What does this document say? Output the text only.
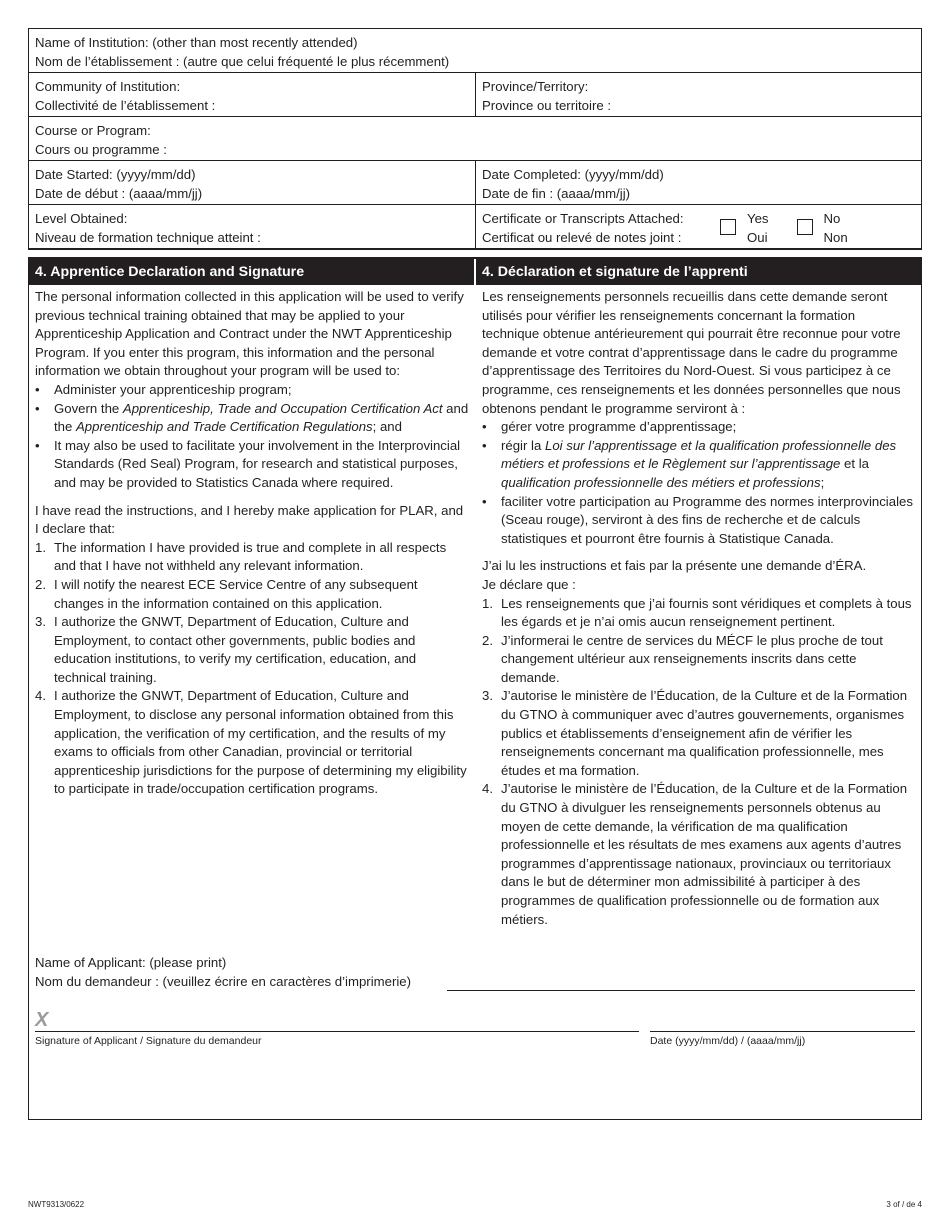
Name of Institution: (other than most recently attended)
Nom de l’établissement : (autre que celui fréquenté le plus récemment)
Community of Institution:
Collectivité de l’établissement :
Province/Territory:
Province ou territoire :
Course or Program:
Cours ou programme :
Date Started: (yyyy/mm/dd)
Date de début : (aaaa/mm/jj)
Date Completed: (yyyy/mm/dd)
Date de fin : (aaaa/mm/jj)
Level Obtained:
Niveau de formation technique atteint :
Certificate or Transcripts Attached:
Certificat ou relevé de notes joint :
Yes
Oui
No
Non
4. Apprentice Declaration and Signature	4. Déclaration et signature de l’apprenti
The personal information collected in this application will be used to verify previous technical training obtained that may be applied to your Apprenticeship Application and Contract under the NWT Apprenticeship Program. If you enter this program, this information and the personal information we obtain throughout your program will be used to:
•	Administer your apprenticeship program;
•	Govern the Apprenticeship, Trade and Occupation Certification Act and the Apprenticeship and Trade Certification Regulations; and
•	It may also be used to facilitate your involvement in the Interprovincial Standards (Red Seal) Program, for research and statistical purposes, and may be provided to Statistics Canada where required.
I have read the instructions, and I hereby make application for PLAR, and I declare that:
1. The information I have provided is true and complete in all respects and that I have not withheld any relevant information.
2. I will notify the nearest ECE Service Centre of any subsequent changes in the information contained on this application.
3. I authorize the GNWT, Department of Education, Culture and Employment, to contact other governments, public bodies and education institutions, to verify my certification, education, and technical training.
4. I authorize the GNWT, Department of Education, Culture and Employment, to disclose any personal information obtained from this application, the verification of my certification, and the results of my exams to officials from other Canadian, provincial or territorial apprenticeship jurisdictions for the purpose of determining my eligibility to participate in trade/occupation certification programs.
Les renseignements personnels recueillis dans cette demande seront utilisés pour vérifier les renseignements concernant la formation technique obtenue antérieurement qui pourrait être reconnue pour votre demande et votre contrat d’apprentissage dans le cadre du programme d’apprentissage des Territoires du Nord-Ouest. Si vous participez à ce programme, ces renseignements et les données personnelles que nous obtenons pendant le programme serviront à :
•	gérer votre programme d’apprentissage;
•	régir la Loi sur l’apprentissage et la qualification professionnelle des métiers et professions et le Règlement sur l’apprentissage et la qualification professionnelle des métiers et professions;
•	faciliter votre participation au Programme des normes interprovinciales (Sceau rouge), serviront à des fins de recherche et de calculs statistiques et pourront être fournis à Statistique Canada.
J’ai lu les instructions et fais par la présente une demande d’ÉRA.
Je déclare que :
1. Les renseignements que j’ai fournis sont véridiques et complets à tous les égards et je n’ai omis aucun renseignement pertinent.
2. J’informerai le centre de services du MÉCF le plus proche de tout changement ultérieur aux renseignements inscrits dans cette demande.
3. J’autorise le ministère de l’Éducation, de la Culture et de la Formation du GTNO à communiquer avec d’autres gouvernements, organismes publics et établissements d’enseignement afin de vérifier les renseignements concernant ma qualification professionnelle, mes études et ma formation.
4. J’autorise le ministère de l’Éducation, de la Culture et de la Formation du GTNO à divulguer les renseignements personnels obtenus au moyen de cette demande, la vérification de ma qualification professionnelle et les résultats de mes examens aux agents d’autres programmes d’apprentissage nationaux, provinciaux ou territoriaux dans le but de déterminer mon admissibilité à participer à des programmes de qualification professionnelle ou de formation aux métiers.
Name of Applicant: (please print)
Nom du demandeur : (veuillez écrire en caractères d’imprimerie)
X
Signature of Applicant / Signature du demandeur	Date (yyyy/mm/dd) / (aaaa/mm/jj)
NWT9313/0622	3 of / de 4
